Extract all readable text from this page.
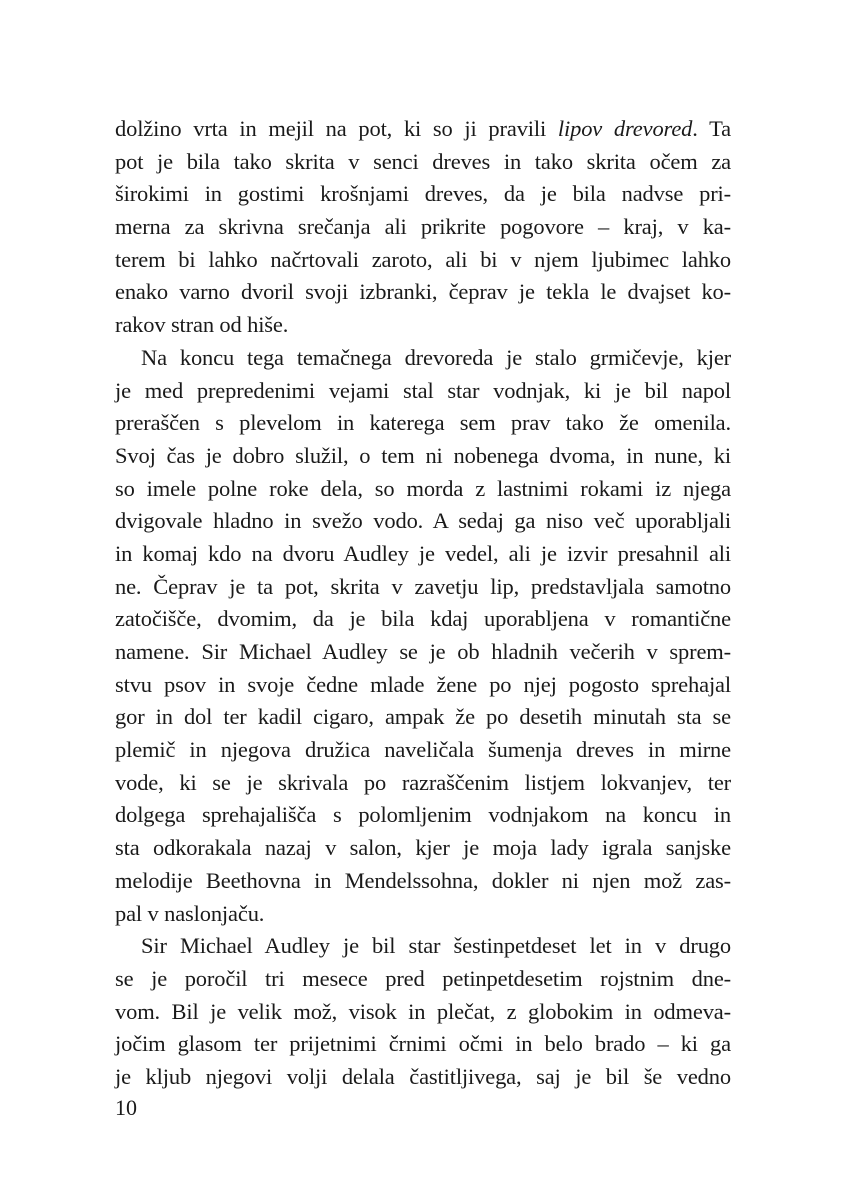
dolžino vrta in mejil na pot, ki so ji pravili lipov drevored. Ta
pot je bila tako skrita v senci dreves in tako skrita očem za
širokimi in gostimi krošnjami dreves, da je bila nadvse pri-
merna za skrivna srečanja ali prikrite pogovore – kraj, v ka-
terem bi lahko načrtovali zaroto, ali bi v njem ljubimec lahko
enako varno dvoril svoji izbranki, čeprav je tekla le dvajset ko-
rakov stran od hiše.
Na koncu tega temačnega drevoreda je stalo grmičevje, kjer
je med prepredenimi vejami stal star vodnjak, ki je bil napol
preraščen s plevelom in katerega sem prav tako že omenila.
Svoj čas je dobro služil, o tem ni nobenega dvoma, in nune, ki
so imele polne roke dela, so morda z lastnimi rokami iz njega
dvigovale hladno in svežo vodo. A sedaj ga niso več uporabljali
in komaj kdo na dvoru Audley je vedel, ali je izvir presahnil ali
ne. Čeprav je ta pot, skrita v zavetju lip, predstavljala samotno
zatočišče, dvomim, da je bila kdaj uporabljena v romantične
namene. Sir Michael Audley se je ob hladnih večerih v sprem-
stvu psov in svoje čedne mlade žene po njej pogosto sprehajal
gor in dol ter kadil cigaro, ampak že po desetih minutah sta se
plemič in njegova družica naveličala šumenja dreves in mirne
vode, ki se je skrivala po razraščenim listjem lokvanjev, ter
dolgega sprehajališča s polomljenim vodnjakom na koncu in
sta odkorakala nazaj v salon, kjer je moja lady igrala sanjske
melodije Beethovna in Mendelssohna, dokler ni njen mož zas-
pal v naslonjaču.
Sir Michael Audley je bil star šestinpetdeset let in v drugo
se je poročil tri mesece pred petinpetdesetim rojstnim dne-
vom. Bil je velik mož, visok in plečat, z globokim in odmeva-
jočim glasom ter prijetnimi črnimi očmi in belo brado – ki ga
je kljub njegovi volji delala častitljivega, saj je bil še vedno
10
